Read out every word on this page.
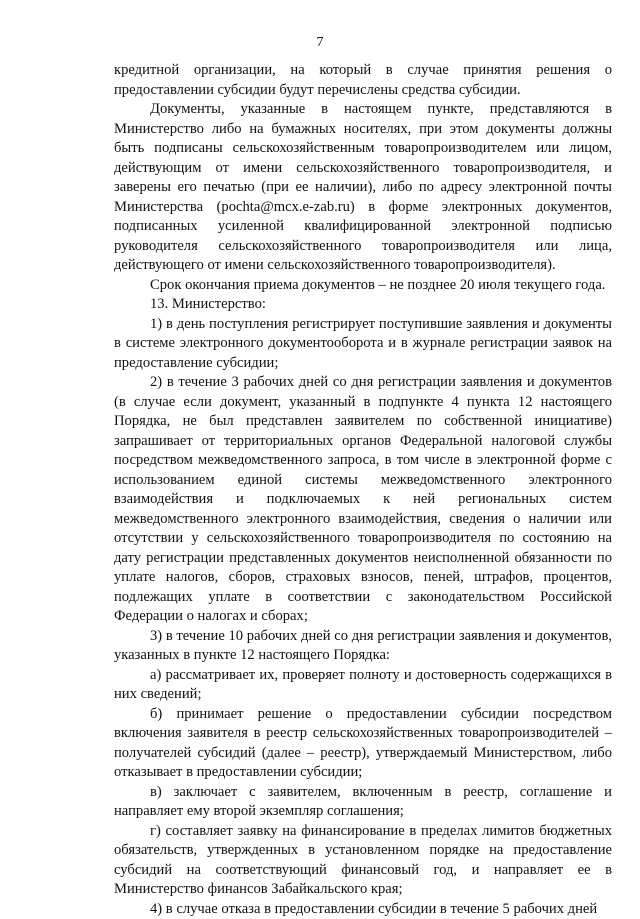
7

кредитной организации, на который в случае принятия решения о предоставлении субсидии будут перечислены средства субсидии.

Документы, указанные в настоящем пункте, представляются в Министерство либо на бумажных носителях, при этом документы должны быть подписаны сельскохозяйственным товаропроизводителем или лицом, действующим от имени сельскохозяйственного товаропроизводителя, и заверены его печатью (при ее наличии), либо по адресу электронной почты Министерства (pochta@mcx.e-zab.ru) в форме электронных документов, подписанных усиленной квалифицированной электронной подписью руководителя сельскохозяйственного товаропроизводителя или лица, действующего от имени сельскохозяйственного товаропроизводителя).

Срок окончания приема документов – не позднее 20 июля текущего года.

13. Министерство:

1) в день поступления регистрирует поступившие заявления и документы в системе электронного документооборота и в журнале регистрации заявок на предоставление субсидии;

2) в течение 3 рабочих дней со дня регистрации заявления и документов (в случае если документ, указанный в подпункте 4 пункта 12 настоящего Порядка, не был представлен заявителем по собственной инициативе) запрашивает от территориальных органов Федеральной налоговой службы посредством межведомственного запроса, в том числе в электронной форме с использованием единой системы межведомственного электронного взаимодействия и подключаемых к ней региональных систем межведомственного электронного взаимодействия, сведения о наличии или отсутствии у сельскохозяйственного товаропроизводителя по состоянию на дату регистрации представленных документов неисполненной обязанности по уплате налогов, сборов, страховых взносов, пеней, штрафов, процентов, подлежащих уплате в соответствии с законодательством Российской Федерации о налогах и сборах;

3) в течение 10 рабочих дней со дня регистрации заявления и документов, указанных в пункте 12 настоящего Порядка:

а) рассматривает их, проверяет полноту и достоверность содержащихся в них сведений;

б) принимает решение о предоставлении субсидии посредством включения заявителя в реестр сельскохозяйственных товаропроизводителей – получателей субсидий (далее – реестр), утверждаемый Министерством, либо отказывает в предоставлении субсидии;

в) заключает с заявителем, включенным в реестр, соглашение и направляет ему второй экземпляр соглашения;

г) составляет заявку на финансирование в пределах лимитов бюджетных обязательств, утвержденных в установленном порядке на предоставление субсидий на соответствующий финансовый год, и направляет ее в Министерство финансов Забайкальского края;

4) в случае отказа в предоставлении субсидии в течение 5 рабочих дней
